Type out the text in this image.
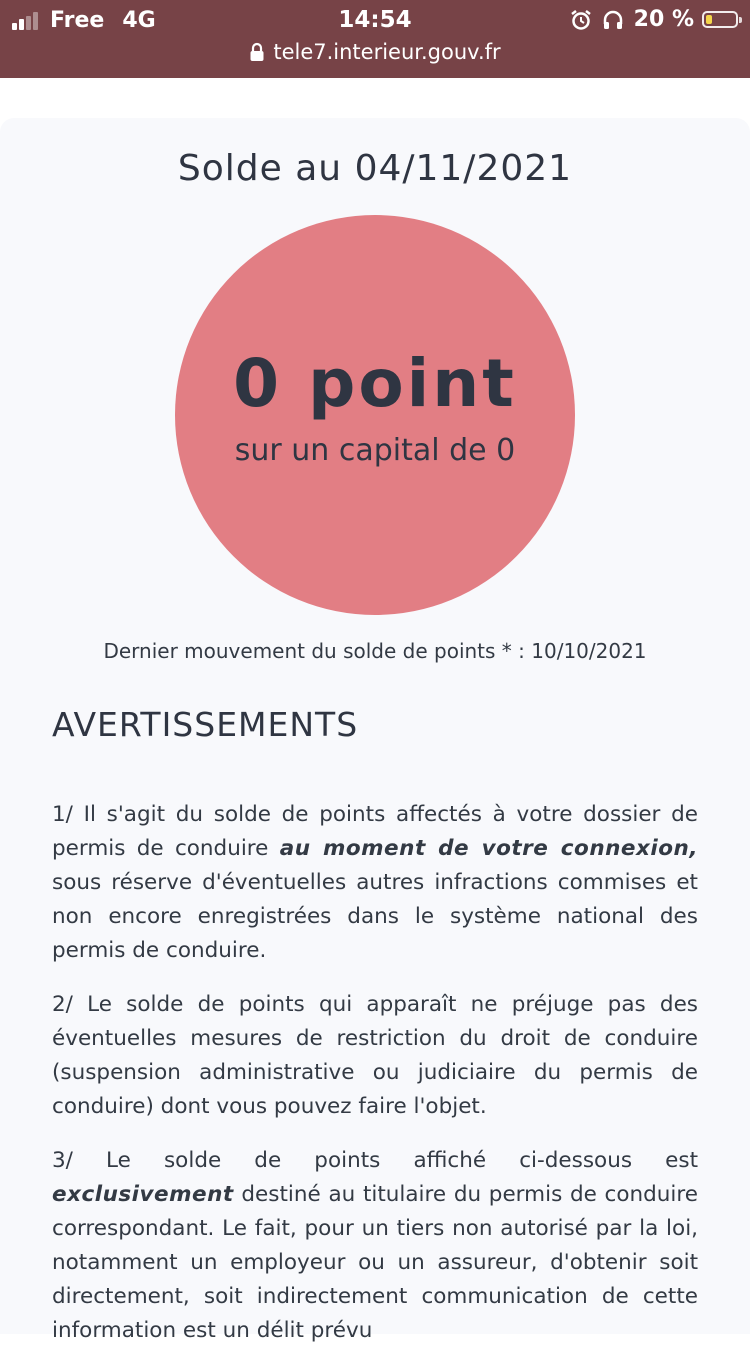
Free 4G	14:54	20 %
tele7.interieur.gouv.fr
Solde au 04/11/2021
0 point
sur un capital de 0
Dernier mouvement du solde de points * : 10/10/2021
AVERTISSEMENTS

1/ Il s'agit du solde de points affectés à votre dossier de permis de conduire au moment de votre connexion, sous réserve d'éventuelles autres infractions commises et non encore enregistrées dans le système national des permis de conduire.

2/ Le solde de points qui apparaît ne préjuge pas des éventuelles mesures de restriction du droit de conduire (suspension administrative ou judiciaire du permis de conduire) dont vous pouvez faire l'objet.

3/ Le solde de points affiché ci-dessous est exclusivement destiné au titulaire du permis de conduire correspondant. Le fait, pour un tiers non autorisé par la loi, notamment un employeur ou un assureur, d'obtenir soit directement, soit indirectement communication de cette information est un délit prévu
